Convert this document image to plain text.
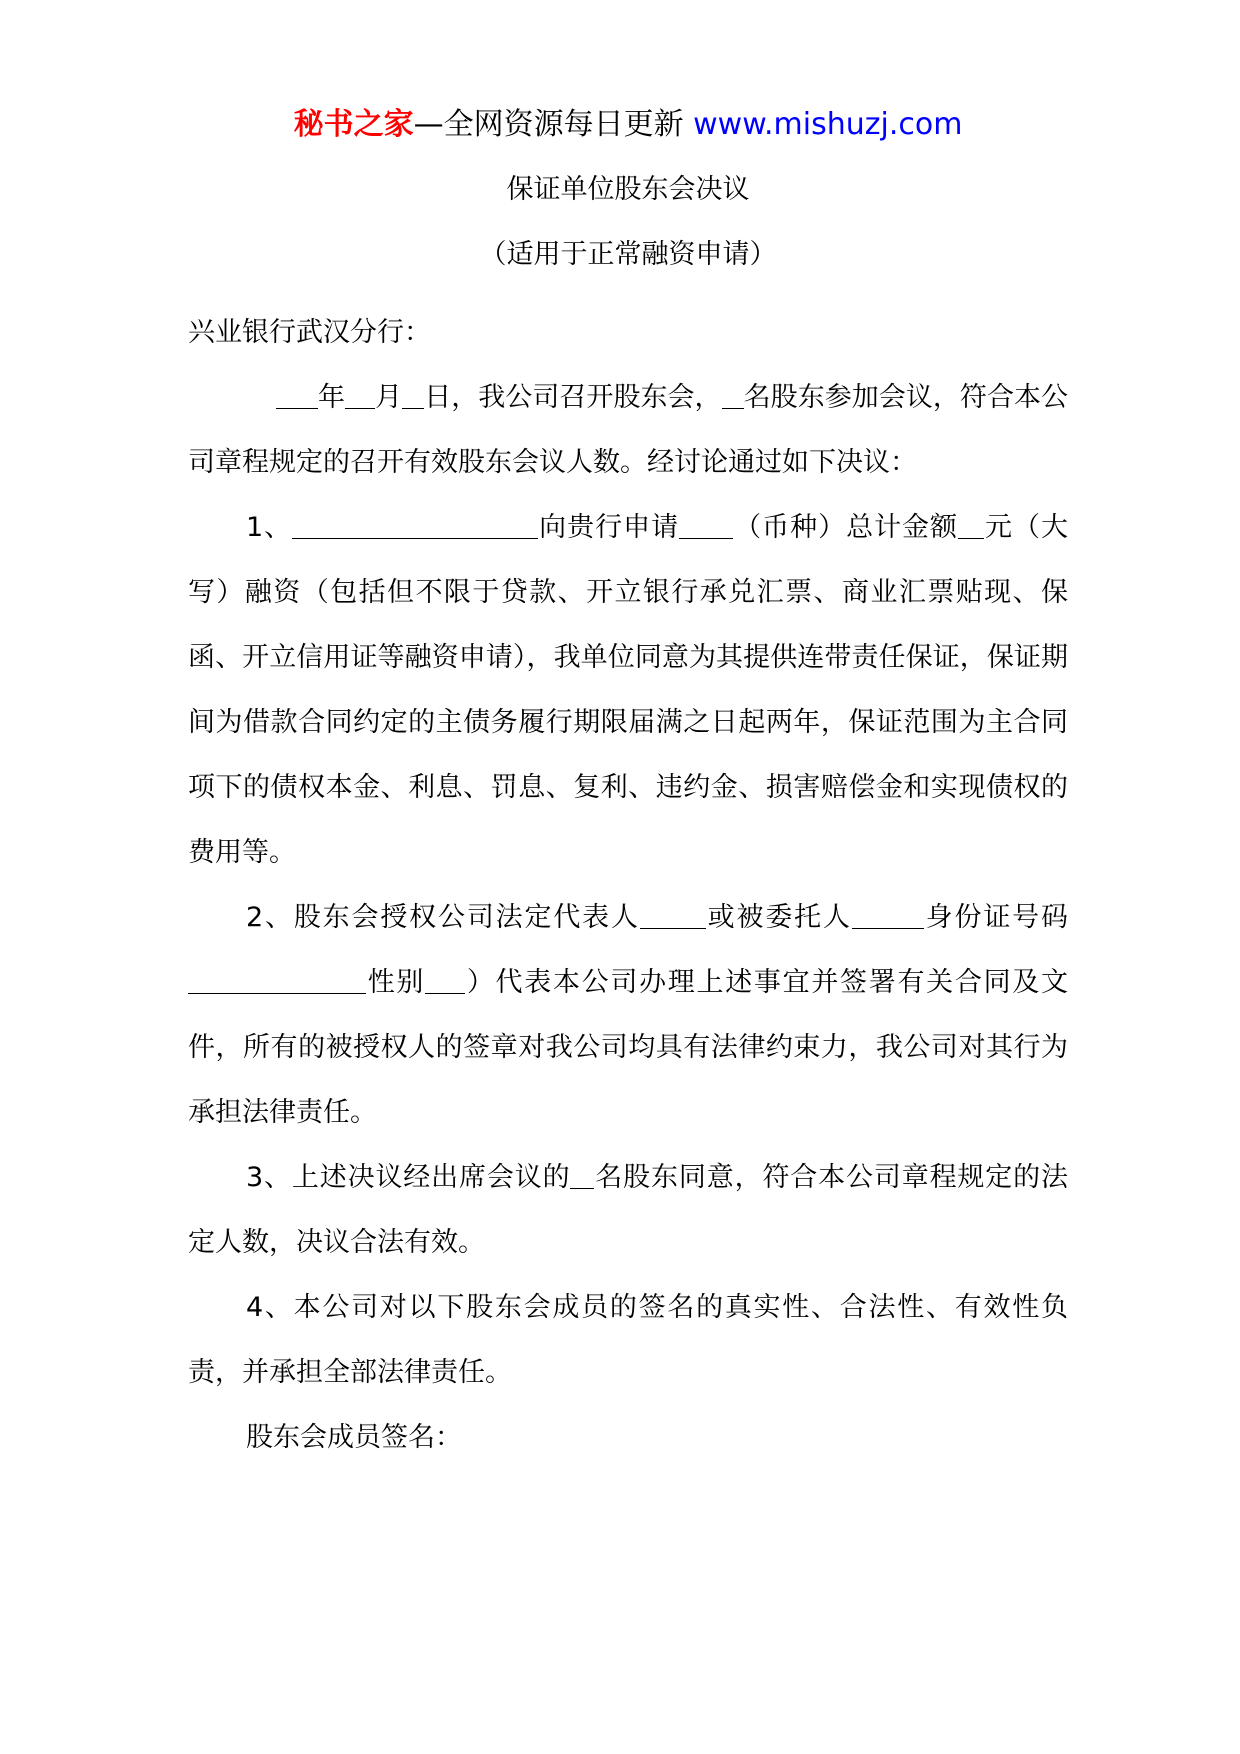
秘书之家—全网资源每日更新 www.mishuzj.com
保证单位股东会决议
（适用于正常融资申请）

兴业银行武汉分行：

年 月 日，我公司召开股东会， 名股东参加会议，符合本公司章程规定的召开有效股东会议人数。经讨论通过如下决议：

1、	向贵行申请 （币种）总计金额 元（大写）融资（包括但不限于贷款、开立银行承兑汇票、商业汇票贴现、保函、开立信用证等融资申请），我单位同意为其提供连带责任保证，保证期间为借款合同约定的主债务履行期限届满之日起两年，保证范围为主合同项下的债权本金、利息、罚息、复利、违约金、损害赔偿金和实现债权的费用等。

2、股东会授权公司法定代表人 或被委托人	身份证号码性别 ）代表本公司办理上述事宜并签署有关合同及文件，所有的被授权人的签章对我公司均具有法律约束力，我公司对其行为承担法律责任。

3、上述决议经出席会议的 名股东同意，符合本公司章程规定的法定人数，决议合法有效。

4、本公司对以下股东会成员的签名的真实性、合法性、有效性负责，并承担全部法律责任。

股东会成员签名：
